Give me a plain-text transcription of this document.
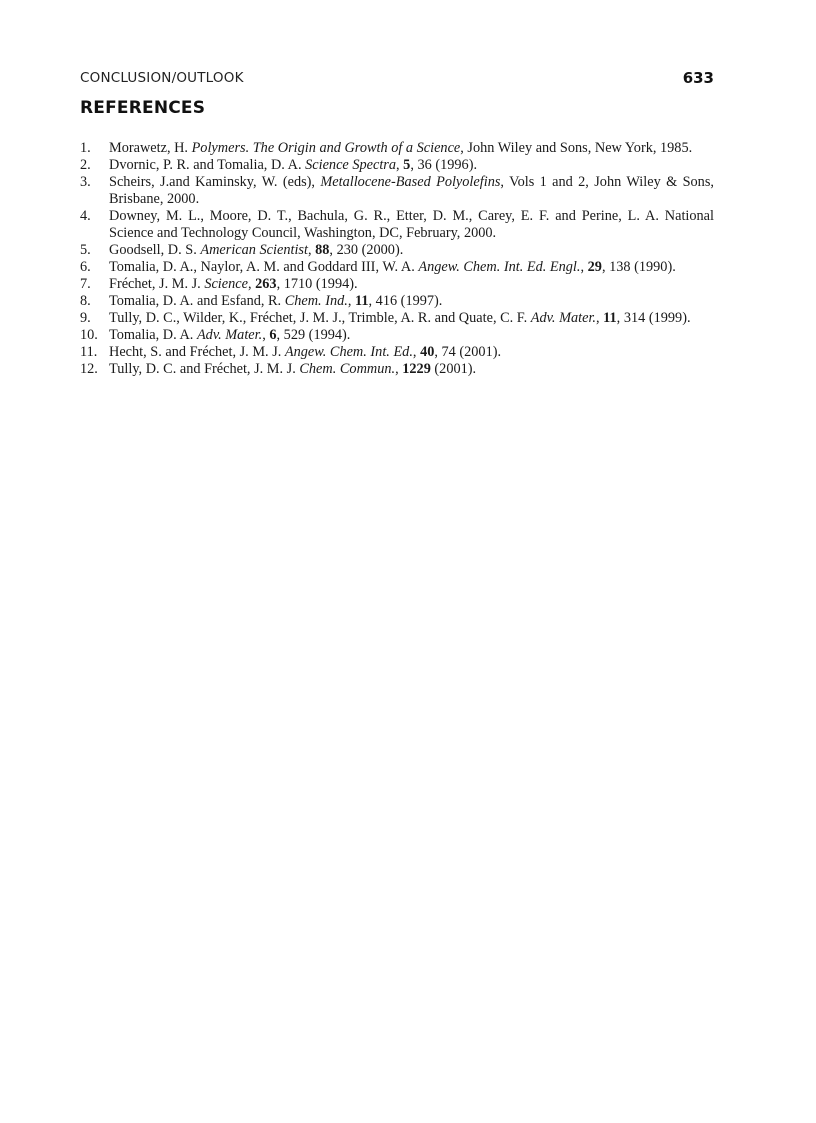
CONCLUSION/OUTLOOK	633
REFERENCES
1.	Morawetz, H. Polymers. The Origin and Growth of a Science, John Wiley and Sons, New York, 1985.
2.	Dvornic, P. R. and Tomalia, D. A. Science Spectra, 5, 36 (1996).
3.	Scheirs, J.and Kaminsky, W. (eds), Metallocene-Based Polyolefins, Vols 1 and 2, John Wiley & Sons, Brisbane, 2000.
4.	Downey, M. L., Moore, D. T., Bachula, G. R., Etter, D. M., Carey, E. F. and Perine, L. A. National Science and Technology Council, Washington, DC, February, 2000.
5.	Goodsell, D. S. American Scientist, 88, 230 (2000).
6.	Tomalia, D. A., Naylor, A. M. and Goddard III, W. A. Angew. Chem. Int. Ed. Engl., 29, 138 (1990).
7.	Fréchet, J. M. J. Science, 263, 1710 (1994).
8.	Tomalia, D. A. and Esfand, R. Chem. Ind., 11, 416 (1997).
9.	Tully, D. C., Wilder, K., Fréchet, J. M. J., Trimble, A. R. and Quate, C. F. Adv. Mater., 11, 314 (1999).
10. Tomalia, D. A. Adv. Mater., 6, 529 (1994).
11. Hecht, S. and Fréchet, J. M. J. Angew. Chem. Int. Ed., 40, 74 (2001).
12. Tully, D. C. and Fréchet, J. M. J. Chem. Commun., 1229 (2001).
